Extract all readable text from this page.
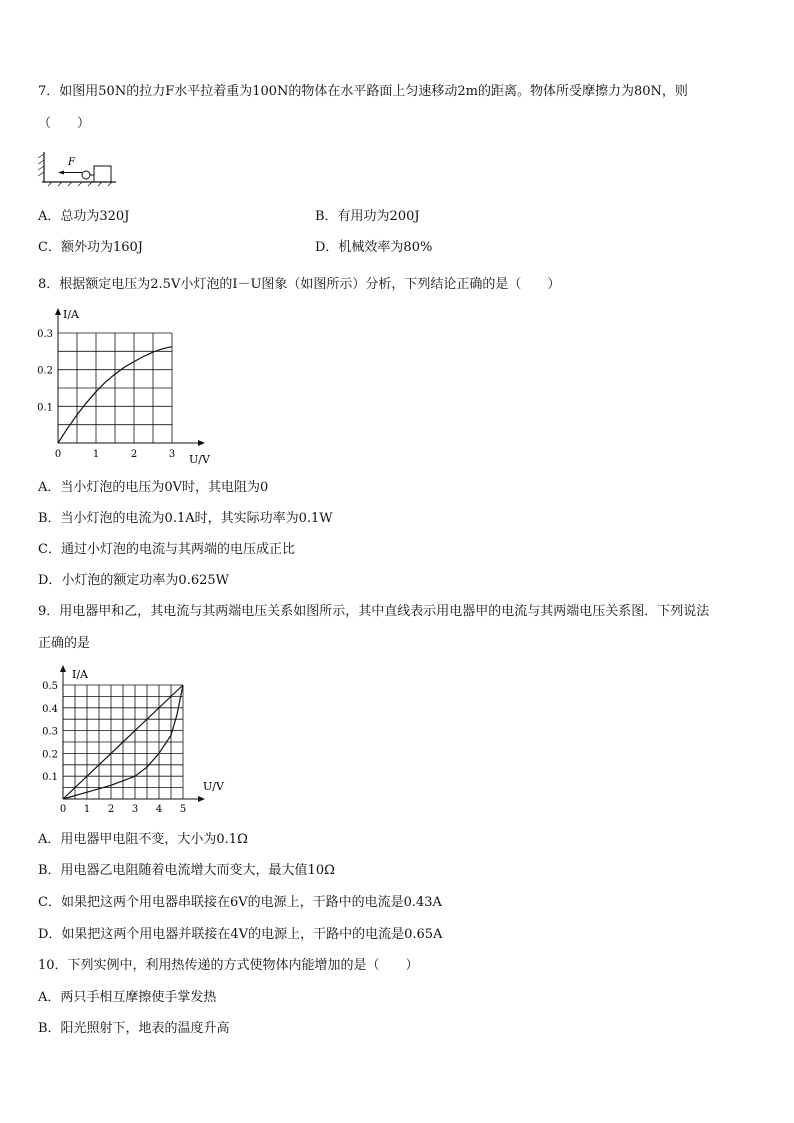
7．如图用50N的拉力F水平拉着重为100N的物体在水平路面上匀速移动2m的距离。物体所受摩擦力为80N，则
（　　）
F
A．总功为320J	B．有用功为200J
C．额外功为160J	D．机械效率为80%
8．根据额定电压为2.5V小灯泡的I－U图象（如图所示）分析，下列结论正确的是（　　）
I/A
U/V
0	1	2	3
0.1
0.2
0.3
A．当小灯泡的电压为0V时，其电阻为0
B．当小灯泡的电流为0.1A时，其实际功率为0.1W
C．通过小灯泡的电流与其两端的电压成正比
D．小灯泡的额定功率为0.625W
9．用电器甲和乙，其电流与其两端电压关系如图所示，其中直线表示用电器甲的电流与其两端电压关系图．下列说法
正确的是
I/A
U/V
0 1 2 3 4 5
0.1
0.2
0.3
0.4
0.5
A．用电器甲电阻不变，大小为0.1Ω
B．用电器乙电阻随着电流增大而变大，最大值10Ω
C．如果把这两个用电器串联接在6V的电源上，干路中的电流是0.43A
D．如果把这两个用电器并联接在4V的电源上，干路中的电流是0.65A
10．下列实例中，利用热传递的方式使物体内能增加的是（　　）
A．两只手相互摩擦使手掌发热
B．阳光照射下，地表的温度升高
